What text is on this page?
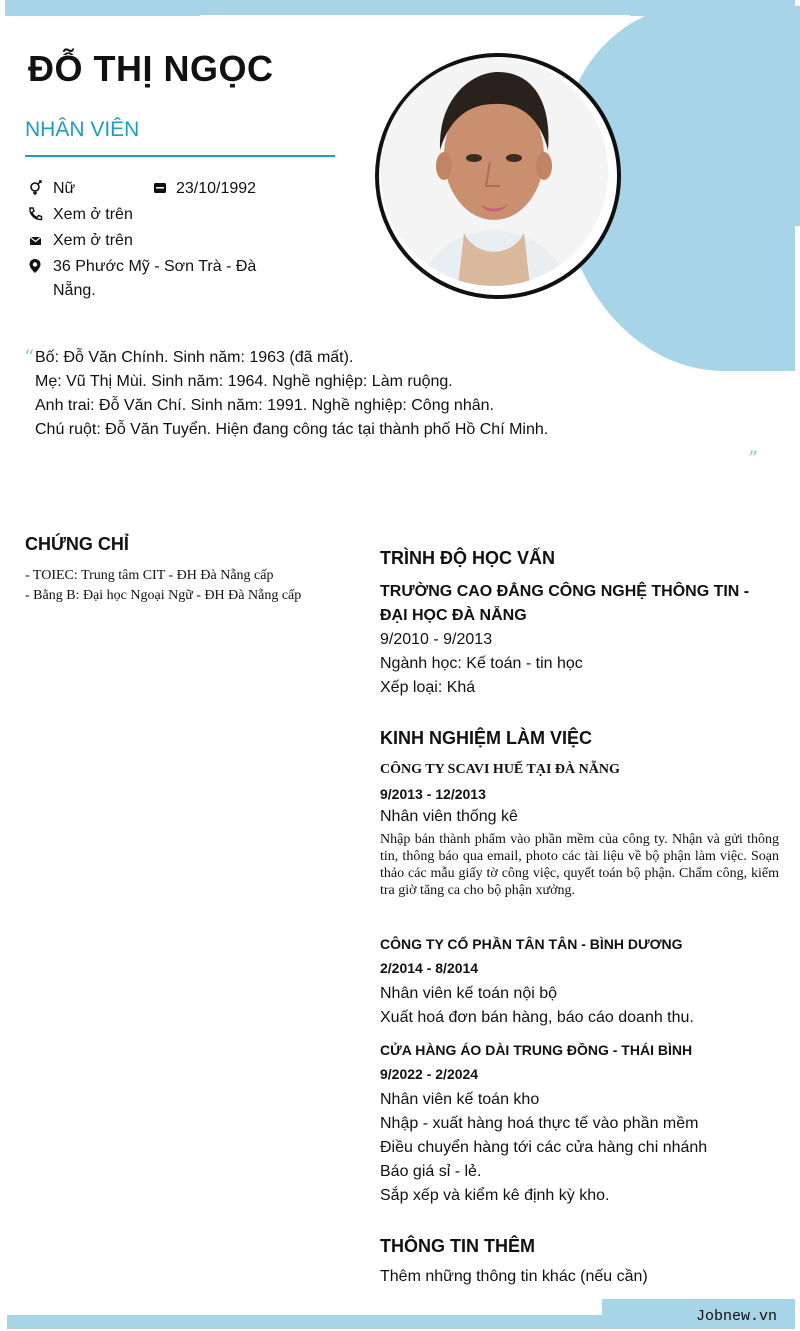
ĐỖ THỊ NGỌC
NHÂN VIÊN
Nữ	23/10/1992
Xem ở trên
Xem ở trên
36 Phước Mỹ - Sơn Trà - Đà
Nẵng.
“ Bố: Đỗ Văn Chính. Sinh năm: 1963 (đã mất).
Mẹ: Vũ Thị Mùi. Sinh năm: 1964. Nghề nghiệp: Làm ruộng.
Anh trai: Đỗ Văn Chí. Sinh năm: 1991. Nghề nghiệp: Công nhân.
Chú ruột: Đỗ Văn Tuyển. Hiện đang công tác tại thành phố Hồ Chí Minh.
”
CHỨNG CHỈ
- TOIEC: Trung tâm CIT - ĐH Đà Nẵng cấp
- Bằng B: Đại học Ngoại Ngữ - ĐH Đà Nẵng cấp
TRÌNH ĐỘ HỌC VẤN
TRƯỜNG CAO ĐẲNG CÔNG NGHỆ THÔNG TIN -
ĐẠI HỌC ĐÀ NẴNG
9/2010 - 9/2013
Ngành học: Kế toán - tin học
Xếp loại: Khá
KINH NGHIỆM LÀM VIỆC
CÔNG TY SCAVI HUẾ TẠI ĐÀ NẴNG
9/2013 - 12/2013
Nhân viên thống kê
Nhập bán thành phẩm vào phần mềm của công ty. Nhận và gửi thông tin, thông báo qua email, photo các tài liệu về bộ phận làm việc. Soạn thảo các mẫu giấy tờ công việc, quyết toán bộ phận. Chấm công, kiểm tra giờ tăng ca cho bộ phận xưởng.
CÔNG TY CỔ PHẦN TÂN TÂN - BÌNH DƯƠNG
2/2014 - 8/2014
Nhân viên kế toán nội bộ
Xuất hoá đơn bán hàng, báo cáo doanh thu.
CỬA HÀNG ÁO DÀI TRUNG ĐỒNG - THÁI BÌNH
9/2022 - 2/2024
Nhân viên kế toán kho
Nhập - xuất hàng hoá thực tế vào phần mềm
Điều chuyển hàng tới các cửa hàng chi nhánh
Báo giá sỉ - lẻ.
Sắp xếp và kiểm kê định kỳ kho.
THÔNG TIN THÊM
Thêm những thông tin khác (nếu cần)
Jobnew.vn
